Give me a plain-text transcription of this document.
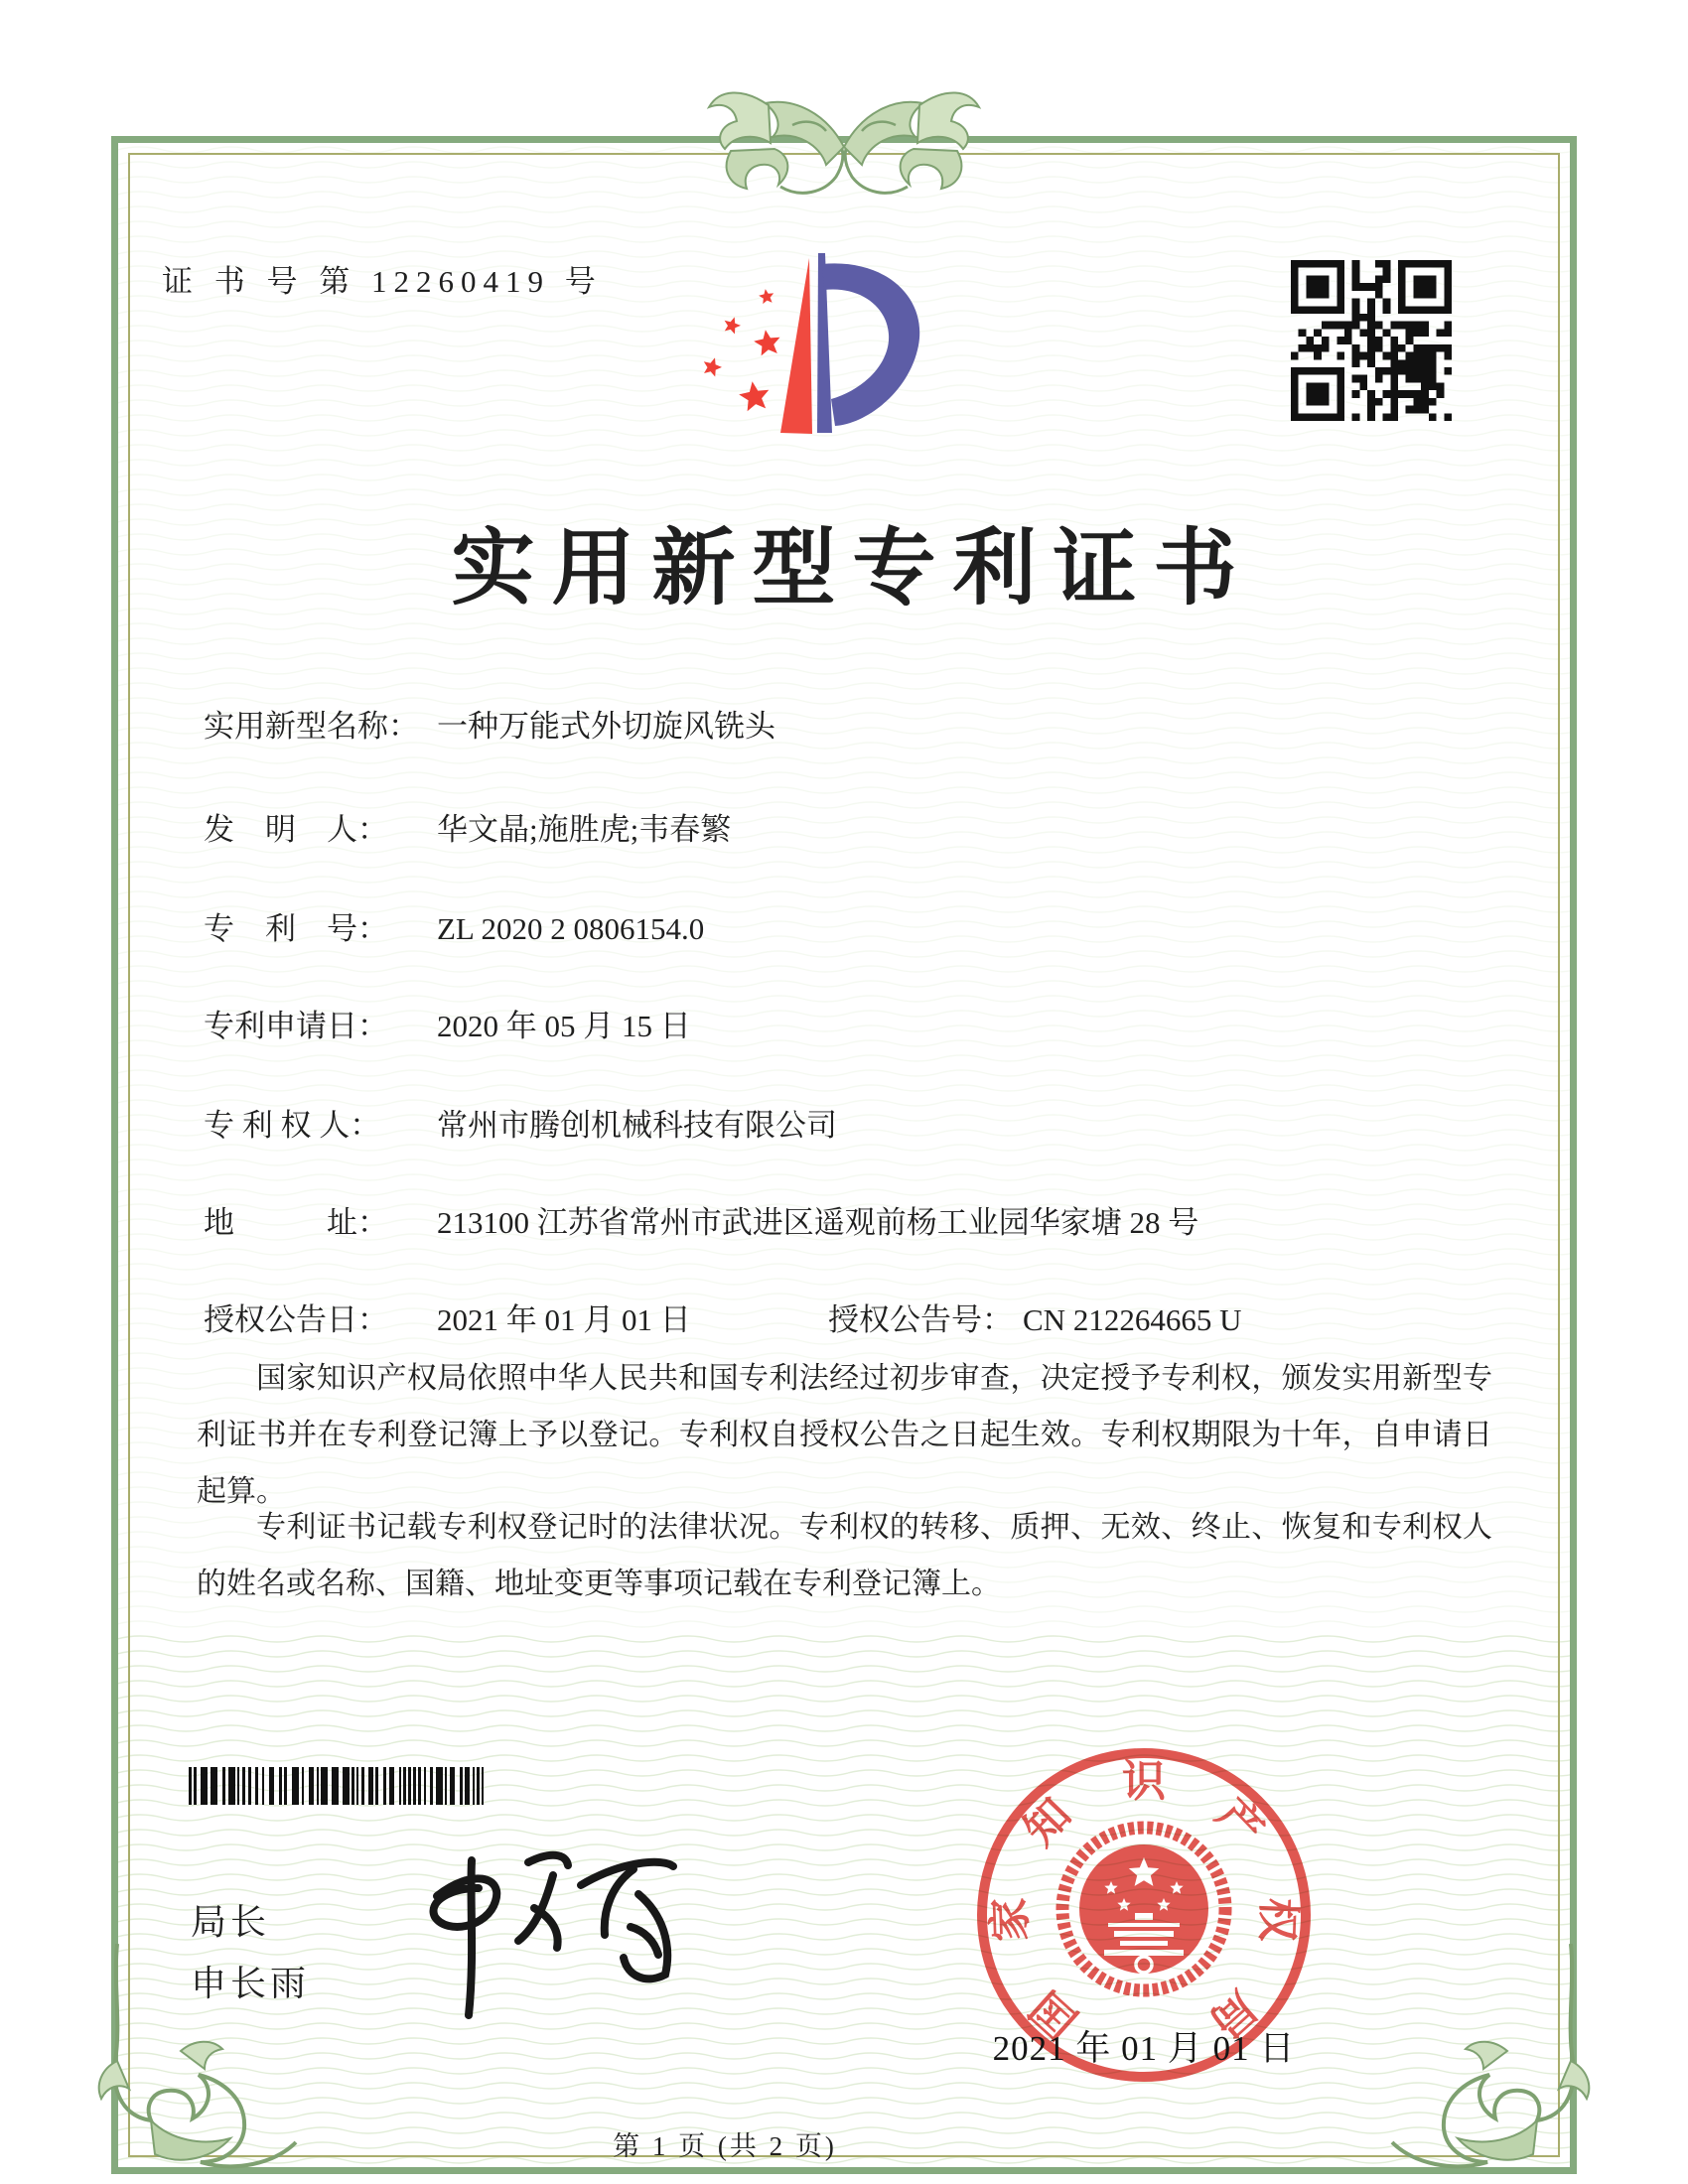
证 书 号 第 12260419 号
实用新型专利证书
实用新型名称： 一种万能式外切旋风铣头
发　明　人： 华文晶;施胜虎;韦春繁
专　利　号： ZL 2020 2 0806154.0
专利申请日： 2020 年 05 月 15 日
专 利 权 人： 常州市腾创机械科技有限公司
地　　　址： 213100 江苏省常州市武进区遥观前杨工业园华家塘 28 号
授权公告日： 2021 年 01 月 01 日	授权公告号： CN 212264665 U

国家知识产权局依照中华人民共和国专利法经过初步审查，决定授予专利权，颁发实用新型专利证书并在专利登记簿上予以登记。专利权自授权公告之日起生效。专利权期限为十年，自申请日起算。

专利证书记载专利权登记时的法律状况。专利权的转移、质押、无效、终止、恢复和专利权人的姓名或名称、国籍、地址变更等事项记载在专利登记簿上。

局长
申长雨
第 1 页 (共 2 页)
国
家
知
识
产
权
局
2021 年 01 月 01 日
